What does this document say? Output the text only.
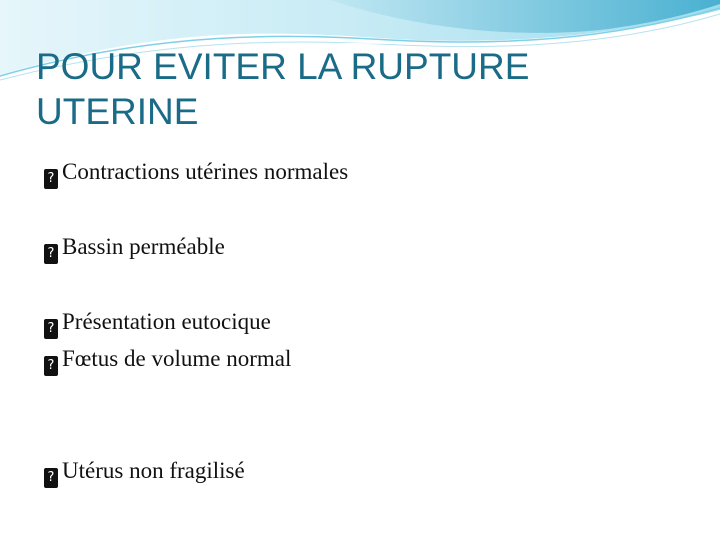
POUR EVITER LA RUPTURE UTERINE
? Contractions utérines normales
? Bassin perméable
? Présentation eutocique
? Fœtus de volume normal
? Utérus non fragilisé
